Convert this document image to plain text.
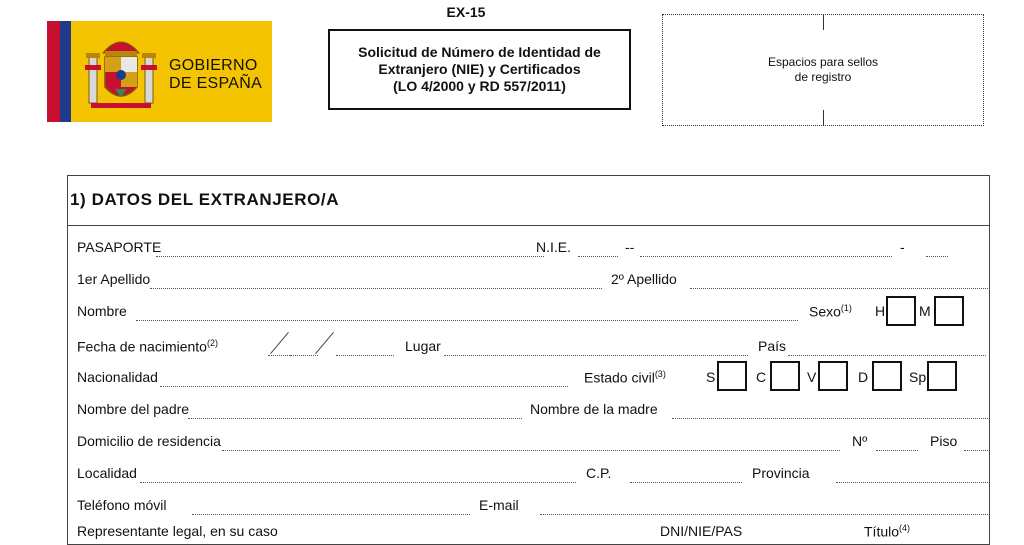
GOBIERNO
DE ESPAÑA
EX-15
Solicitud de Número de Identidad de
Extranjero (NIE) y Certificados
(LO 4/2000 y RD 557/2011)
Espacios para sellos
de registro
1) DATOS DEL EXTRANJERO/A
PASAPORTE	N.I.E.	--	-
1er Apellido	2º Apellido
Nombre	Sexo$^{(1)}$ H M
Fecha de nacimiento$^{(2)}$	Lugar	País
Nacionalidad	Estado civil$^{(3)}$	S	C	V	D	Sp
Nombre del padre	Nombre de la madre
Domicilio de residencia	Nº	Piso
Localidad	C.P.	Provincia
Teléfono móvil	E-mail
Representante legal, en su caso	DNI/NIE/PAS	Título$^{(4)}$
